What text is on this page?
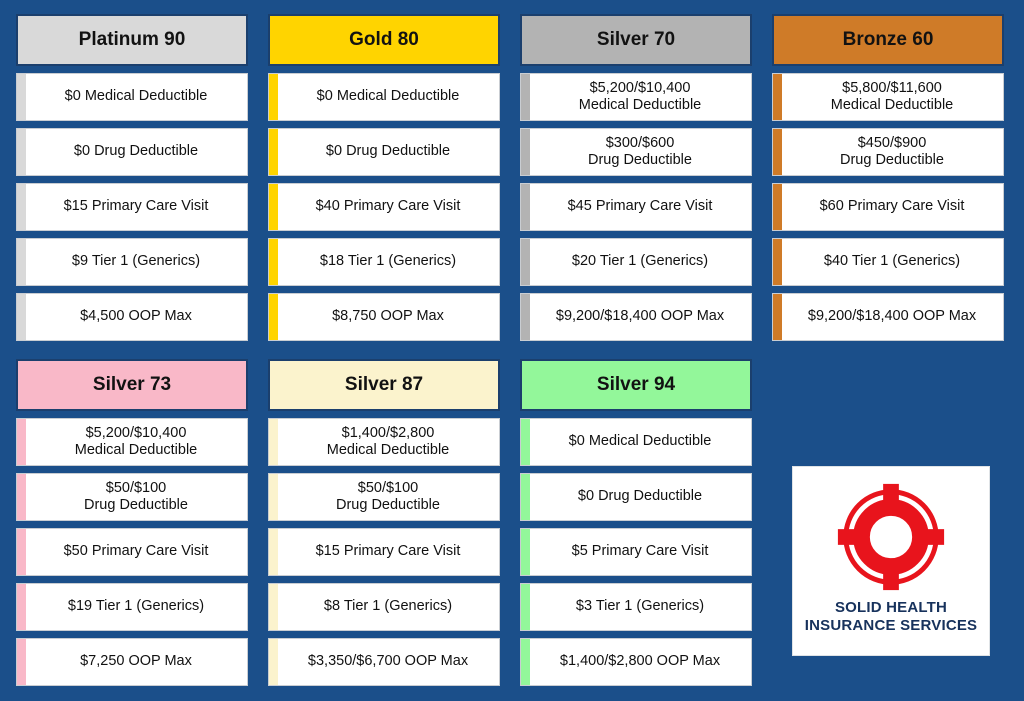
Platinum 90
$0 Medical Deductible
$0 Drug Deductible
$15 Primary Care Visit
$9 Tier 1 (Generics)
$4,500 OOP Max
Gold 80
$0 Medical Deductible
$0 Drug Deductible
$40 Primary Care Visit
$18 Tier 1 (Generics)
$8,750 OOP Max
Silver 70
$5,200/$10,400
Medical Deductible
$300/$600
Drug Deductible
$45 Primary Care Visit
$20 Tier 1 (Generics)
$9,200/$18,400 OOP Max
Bronze 60
$5,800/$11,600
Medical Deductible
$450/$900
Drug Deductible
$60 Primary Care Visit
$40 Tier 1 (Generics)
$9,200/$18,400 OOP Max
Silver 73
$5,200/$10,400
Medical Deductible
$50/$100
Drug Deductible
$50 Primary Care Visit
$19 Tier 1 (Generics)
$7,250 OOP Max
Silver 87
$1,400/$2,800
Medical Deductible
$50/$100
Drug Deductible
$15 Primary Care Visit
$8 Tier 1 (Generics)
$3,350/$6,700 OOP Max
Silver 94
$0 Medical Deductible
$0 Drug Deductible
$5 Primary Care Visit
$3 Tier 1 (Generics)
$1,400/$2,800 OOP Max
SOLID HEALTH
INSURANCE SERVICES
